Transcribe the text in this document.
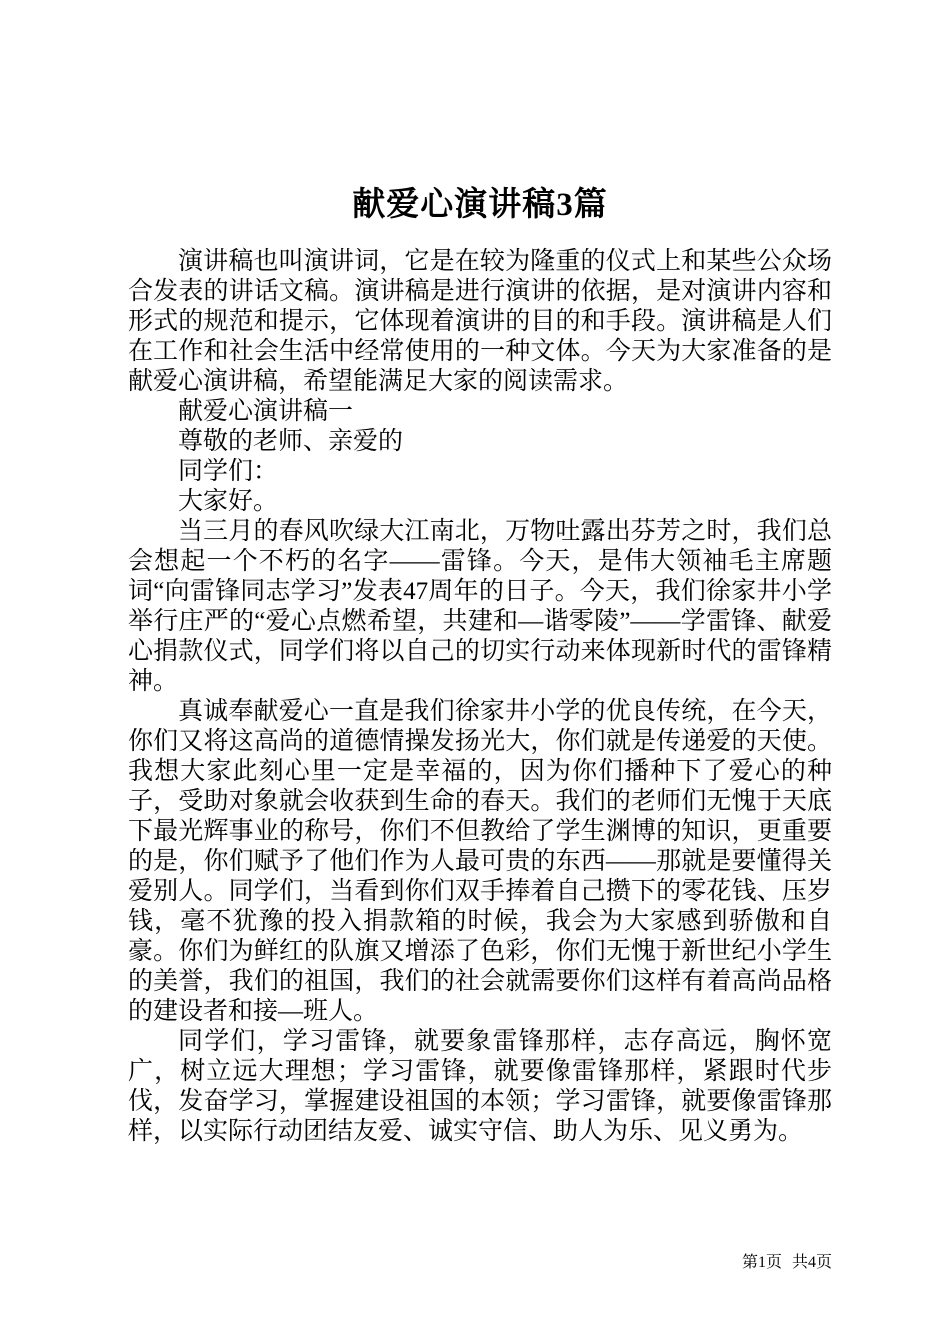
献爱心演讲稿3篇

演讲稿也叫演讲词，它是在较为隆重的仪式上和某些公众场合发表的讲话文稿。演讲稿是进行演讲的依据，是对演讲内容和形式的规范和提示，它体现着演讲的目的和手段。演讲稿是人们在工作和社会生活中经常使用的一种文体。今天为大家准备的是献爱心演讲稿，希望能满足大家的阅读需求。

献爱心演讲稿一

尊敬的老师、亲爱的

同学们：

大家好。

当三月的春风吹绿大江南北，万物吐露出芬芳之时，我们总会想起一个不朽的名字——雷锋。今天，是伟大领袖毛主席题词“向雷锋同志学习”发表47周年的日子。今天，我们徐家井小学举行庄严的“爱心点燃希望，共建和—谐零陵”——学雷锋、献爱心捐款仪式，同学们将以自己的切实行动来体现新时代的雷锋精神。

真诚奉献爱心一直是我们徐家井小学的优良传统，在今天，你们又将这高尚的道德情操发扬光大，你们就是传递爱的天使。我想大家此刻心里一定是幸福的，因为你们播种下了爱心的种子，受助对象就会收获到生命的春天。我们的老师们无愧于天底下最光辉事业的称号，你们不但教给了学生渊博的知识，更重要的是，你们赋予了他们作为人最可贵的东西——那就是要懂得关爱别人。同学们，当看到你们双手捧着自己攒下的零花钱、压岁钱，毫不犹豫的投入捐款箱的时候，我会为大家感到骄傲和自豪。你们为鲜红的队旗又增添了色彩，你们无愧于新世纪小学生的美誉，我们的祖国，我们的社会就需要你们这样有着高尚品格的建设者和接—班人。

同学们，学习雷锋，就要象雷锋那样，志存高远，胸怀宽广，树立远大理想；学习雷锋，就要像雷锋那样，紧跟时代步伐，发奋学习，掌握建设祖国的本领；学习雷锋，就要像雷锋那样，以实际行动团结友爱、诚实守信、助人为乐、见义勇为。

第1页 共4页
